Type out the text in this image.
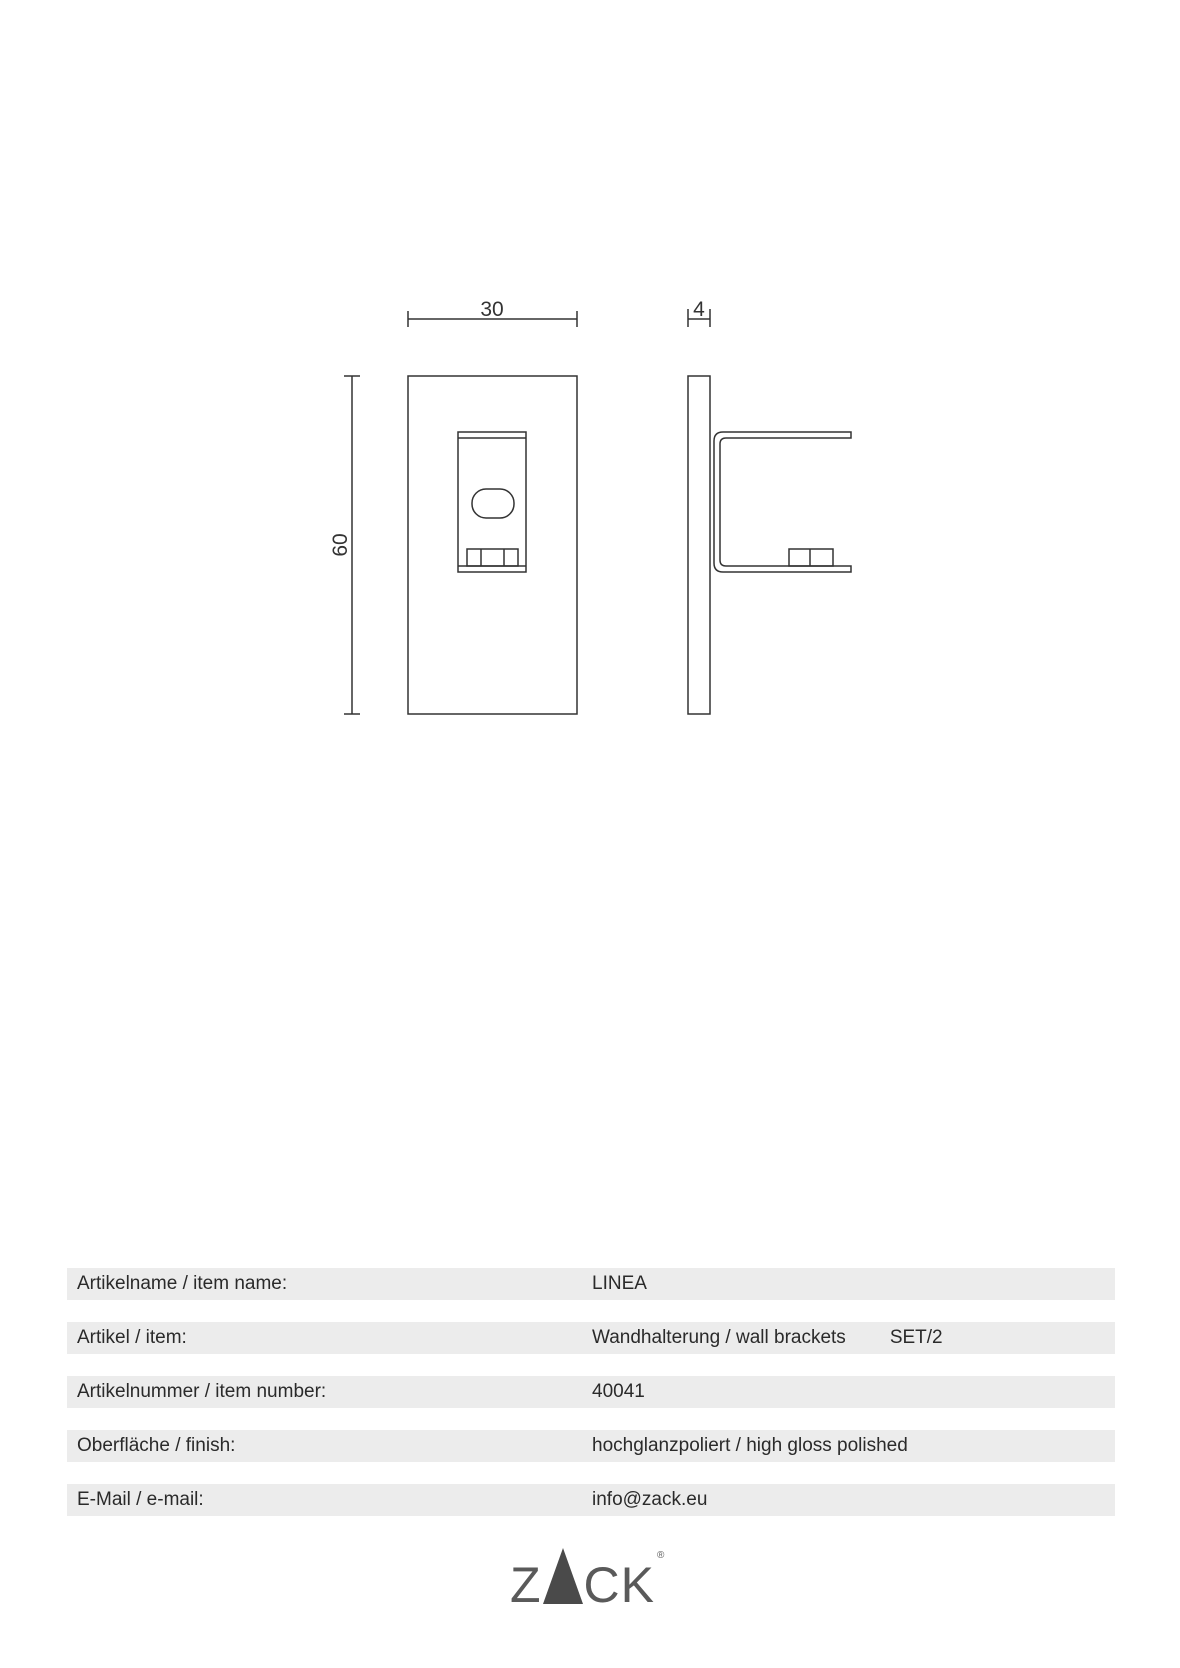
30	4
60
Artikelname / item name:	LINEA
Artikel / item:	Wandhalterung / wall brackets SET/2
Artikelnummer / item number:	40041
Oberfläche / finish:	hochglanzpoliert / high gloss polished
E-Mail / e-mail:	info@zack.eu
Z CK
®
